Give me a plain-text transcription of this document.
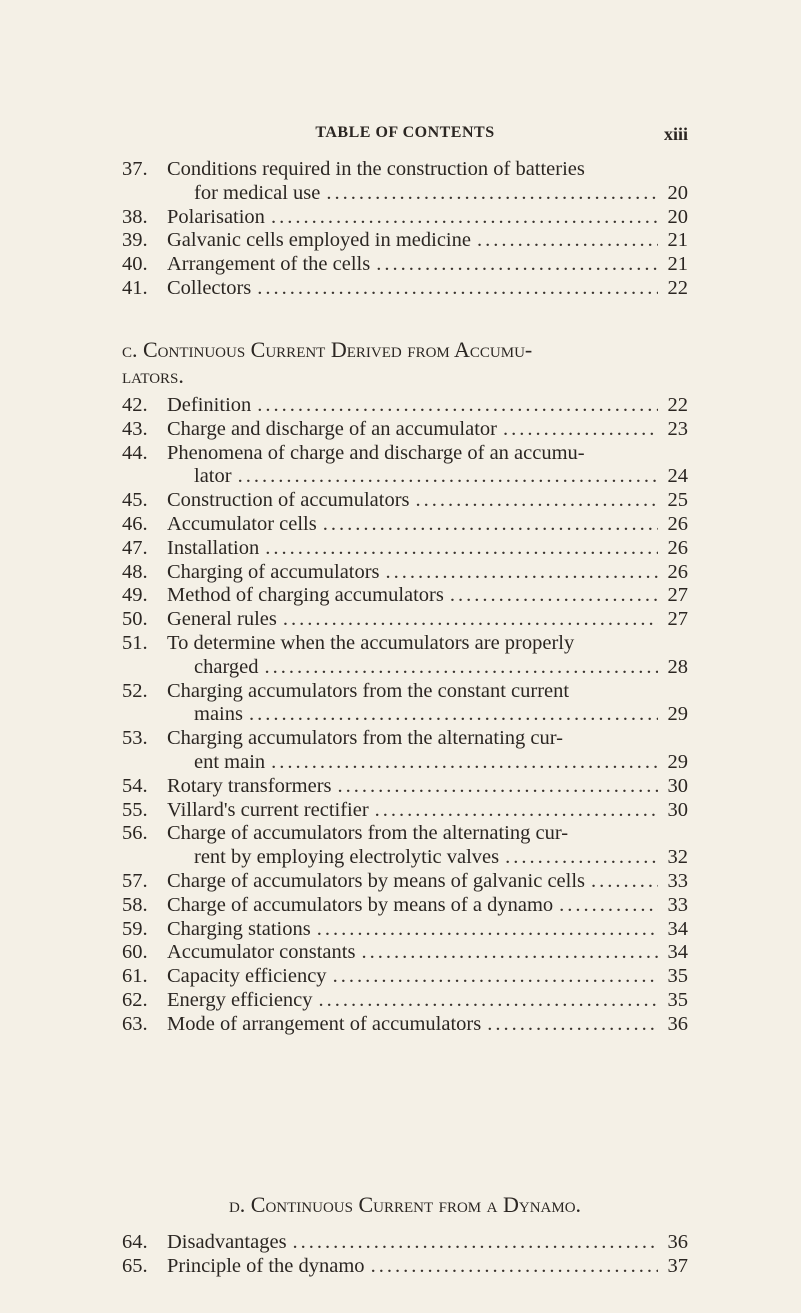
TABLE OF CONTENTS	xiii
37. Conditions required in the construction of batteries
for medical use .....	20
38. Polarisation .....	20
39. Galvanic cells employed in medicine .....	21
40. Arrangement of the cells .....	21
41. Collectors .....	22
c. Continuous Current Derived from Accumu-
lators.
42. Definition .....	22
43. Charge and discharge of an accumulator .....	23
44. Phenomena of charge and discharge of an accumu-
lator .....	24
45. Construction of accumulators .....	25
46. Accumulator cells .....	26
47. Installation .....	26
48. Charging of accumulators .....	26
49. Method of charging accumulators .....	27
50. General rules .....	27
51. To determine when the accumulators are properly
charged .....	28
52. Charging accumulators from the constant current
mains .....	29
53. Charging accumulators from the alternating cur-
ent main .....	29
54. Rotary transformers .....	30
55. Villard's current rectifier .....	30
56. Charge of accumulators from the alternating cur-
rent by employing electrolytic valves .....	32
57. Charge of accumulators by means of galvanic cells .....	33
58. Charge of accumulators by means of a dynamo .....	33
59. Charging stations .....	34
60. Accumulator constants .....	34
61. Capacity efficiency .....	35
62. Energy efficiency .....	35
63. Mode of arrangement of accumulators .....	36
d. Continuous Current from a Dynamo.
64. Disadvantages .....	36
65. Principle of the dynamo .....	37
